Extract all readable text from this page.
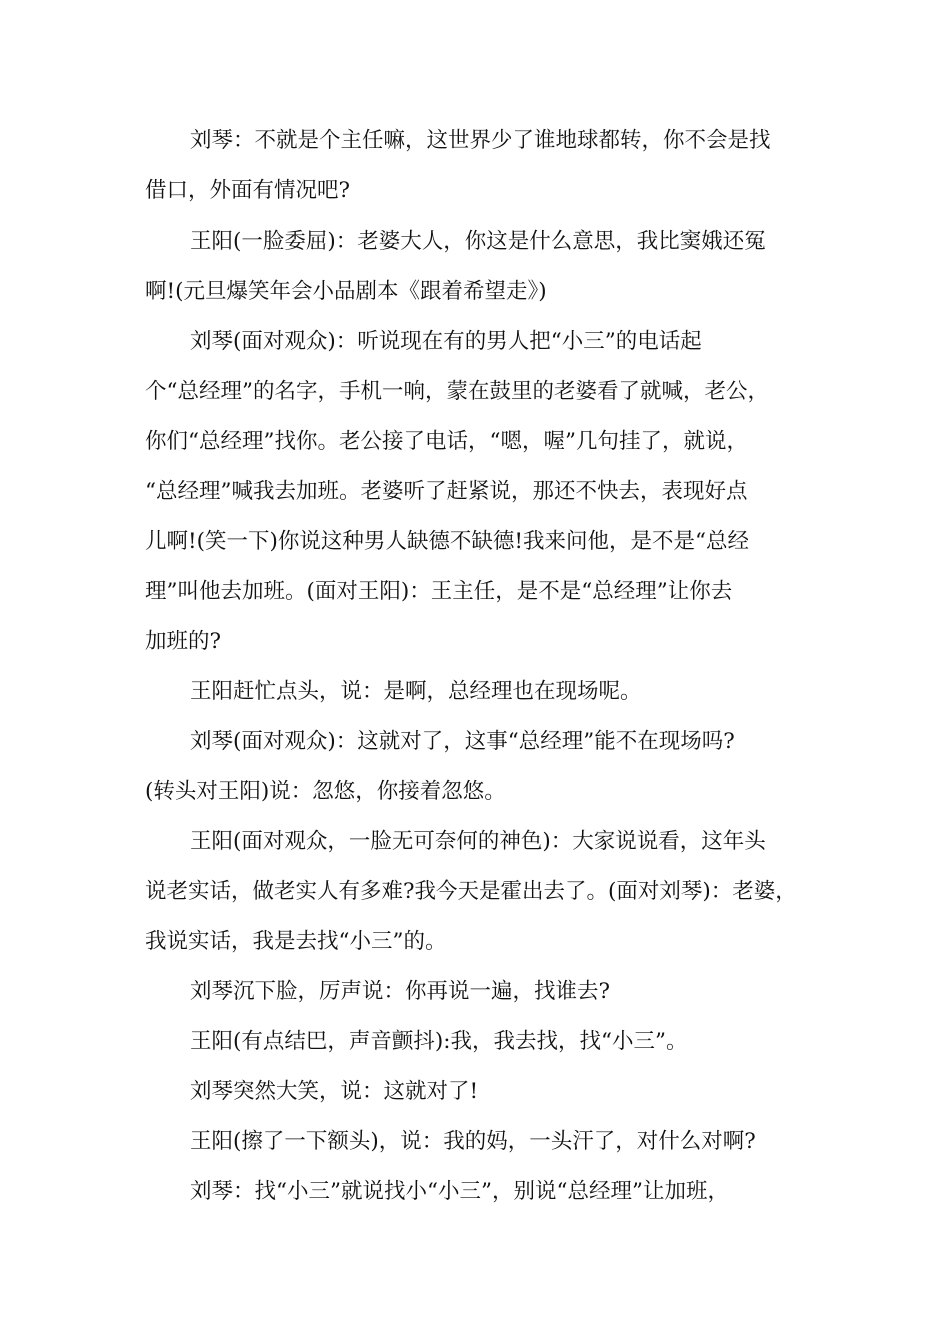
刘琴：不就是个主任嘛，这世界少了谁地球都转，你不会是找
借口，外面有情况吧?
王阳(一脸委屈)：老婆大人，你这是什么意思，我比窦娥还冤
啊!(元旦爆笑年会小品剧本《跟着希望走》)
刘琴(面对观众)：听说现在有的男人把“小三”的电话起
个“总经理”的名字，手机一响，蒙在鼓里的老婆看了就喊，老公，
你们“总经理”找你。老公接了电话，“嗯，喔”几句挂了，就说，
“总经理”喊我去加班。老婆听了赶紧说，那还不快去，表现好点
儿啊!(笑一下)你说这种男人缺德不缺德!我来问他，是不是“总经
理”叫他去加班。(面对王阳)：王主任，是不是“总经理”让你去
加班的?
王阳赶忙点头，说：是啊，总经理也在现场呢。
刘琴(面对观众)：这就对了，这事“总经理”能不在现场吗?
(转头对王阳)说：忽悠，你接着忽悠。
王阳(面对观众，一脸无可奈何的神色)：大家说说看，这年头
说老实话，做老实人有多难?我今天是霍出去了。(面对刘琴)：老婆，
我说实话，我是去找“小三”的。
刘琴沉下脸，厉声说：你再说一遍，找谁去?
王阳(有点结巴，声音颤抖):我，我去找，找“小三”。
刘琴突然大笑，说：这就对了!
王阳(擦了一下额头)，说：我的妈，一头汗了，对什么对啊?
刘琴：找“小三”就说找小“小三”，别说“总经理”让加班，
